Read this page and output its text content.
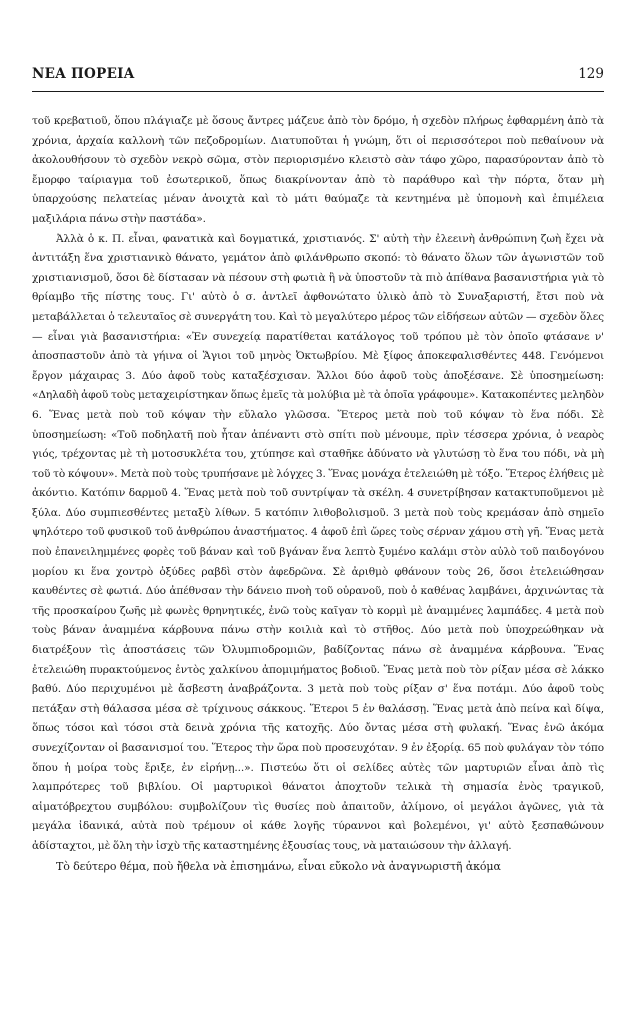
ΝΕΑ ΠΟΡΕΙΑ	129

τοῦ κρεβατιοῦ, ὅπου πλάγιαζε μὲ ὅσους ἄντρες μάζευε ἀπὸ τὸν δρόμο, ἡ σχεδὸν πλήρως ἐφθαρμένη ἀπὸ τὰ χρόνια, ἀρχαία καλλονὴ τῶν πεζοδρομίων. Διατυποῦται ἡ γνώμη, ὅτι οἱ περισσότεροι ποὺ πεθαίνουν νὰ ἀκολουθήσουν τὸ σχεδὸν νεκρὸ σῶμα, στὸν περιορισμένο κλειστὸ σὰν τάφο χῶρο, παρασύρονταν ἀπὸ τὸ ἔμορφο ταίριαγμα τοῦ ἐσωτερικοῦ, ὅπως διακρίνονταν ἀπὸ τὸ παράθυρο καὶ τὴν πόρτα, ὅταν μὴ ὑπαρχούσης πελατείας μέναν ἀνοιχτὰ καὶ τὸ μάτι θαύμαζε τὰ κεντημένα μὲ ὑπομονὴ καὶ ἐπιμέλεια μαξιλάρια πάνω στὴν παστάδα».

Ἀλλὰ ὁ κ. Π. εἶναι, φανατικὰ καὶ δογματικά, χριστιανός. Σ' αὐτὴ τὴν ἐλεεινὴ ἀνθρώπινη ζωὴ ἔχει νὰ ἀντιτάξη ἕνα χριστιανικὸ θάνατο, γεμάτον ἀπὸ φιλάνθρωπο σκοπό: τὸ θάνατο ὅλων τῶν ἀγωνιστῶν τοῦ χριστιανισμοῦ, ὅσοι δὲ δίστασαν νὰ πέσουν στὴ φωτιὰ ἢ νὰ ὑποστοῦν τὰ πιὸ ἀπίθανα βασανιστήρια γιὰ τὸ θρίαμβο τῆς πίστης τους. Γι' αὐτὸ ὁ σ. ἀντλεῖ ἀφθονώτατο ὑλικὸ ἀπὸ τὸ Συναξαριστή, ἔτσι ποὺ νὰ μεταβάλλεται ὁ τελευταῖος σὲ συνεργάτη του. Καὶ τὸ μεγαλύτερο μέρος τῶν εἰδήσεων αὐτῶν — σχεδὸν ὅλες — εἶναι γιὰ βασανιστήρια: «Ἐν συνεχείᾳ παρατίθεται κατάλογος τοῦ τρόπου μὲ τὸν ὁποῖο φτάσανε ν' ἀποσπαστοῦν ἀπὸ τὰ γήινα οἱ Ἅγιοι τοῦ μηνὸς Ὀκτωβρίου. Μὲ ξίφος ἀποκεφαλισθέντες 448. Γενόμενοι ἔργον μάχαιρας 3. Δύο ἀφοῦ τοὺς καταξέσχισαν. Ἄλλοι δύο ἀφοῦ τοὺς ἀποξέσανε. Σὲ ὑποσημείωση: «Δηλαδὴ ἀφοῦ τοὺς μεταχειρίστηκαν ὅπως ἐμεῖς τὰ μολύβια μὲ τὰ ὁποῖα γράφουμε». Κατακοπέντες μεληδὸν 6. Ἕνας μετὰ ποὺ τοῦ κόψαν τὴν εὔλαλο γλῶσσα. Ἕτερος μετὰ ποὺ τοῦ κόψαν τὸ ἕνα πόδι. Σὲ ὑποσημείωση: «Τοῦ ποδηλατῆ ποὺ ἦταν ἀπέναντι στὸ σπίτι ποὺ μένουμε, πρὶν τέσσερα χρόνια, ὁ νεαρὸς γιός, τρέχοντας μὲ τὴ μοτοσυκλέτα του, χτύπησε καὶ σταθῆκε ἀδύνατο νὰ γλυτώσῃ τὸ ἕνα του πόδι, νὰ μὴ τοῦ τὸ κόψουν». Μετὰ ποὺ τοὺς τρυπήσανε μὲ λόγχες 3. Ἕνας μονάχα ἐτελειώθη μὲ τόξο. Ἕτερος ἐλήθεις μὲ ἀκόντιο. Κατόπιν δαρμοῦ 4. Ἕνας μετὰ ποὺ τοῦ συντρίψαν τὰ σκέλη. 4 συνετρίβησαν κατακτυποῦμενοι μὲ ξύλα. Δύο συμπιεσθέντες μεταξὺ λίθων. 5 κατόπιν λιθοβολισμοῦ. 3 μετὰ ποὺ τοὺς κρεμάσαν ἀπὸ σημεῖο ψηλότερο τοῦ φυσικοῦ τοῦ ἀνθρώπου ἀναστήματος. 4 ἀφοῦ ἐπὶ ὥρες τοὺς σέρναν χάμου στὴ γῆ. Ἕνας μετὰ ποὺ ἐπανειλημμένες φορὲς τοῦ βάναν καὶ τοῦ βγάναν ἕνα λεπτὸ ξυμένο καλάμι στὸν αὐλὸ τοῦ παιδογόνου μορίου κι ἕνα χοντρὸ ὀξύδες ραβδὶ στὸν ἀφεδρῶνα. Σὲ ἀριθμὸ φθάνουν τοὺς 26, ὅσοι ἐτελειώθησαν καυθέντες σὲ φωτιά. Δύο ἀπέθνσαν τὴν δάνειο πνοὴ τοῦ οὐρανοῦ, ποὺ ὁ καθένας λαμβάνει, ἀρχινώντας τὰ τῆς προσκαίρου ζωῆς μὲ φωνὲς θρηνητικές, ἐνῶ τοὺς καῖγαν τὸ κορμὶ μὲ ἀναμμένες λαμπάδες. 4 μετὰ ποὺ τοὺς βάναν ἀναμμένα κάρβουνα πάνω στὴν κοιλιὰ καὶ τὸ στῆθος. Δύο μετὰ ποὺ ὑποχρεώθηκαν νὰ διατρέξουν τὶς ἀποστάσεις τῶν Ὀλυμπιοδρομιῶν, βαδίζοντας πάνω σὲ ἀναμμένα κάρβουνα. Ἕνας ἐτελειώθη πυρακτούμενος ἐντὸς χαλκίνου ἀπομιμήματος βοδιοῦ. Ἕνας μετὰ ποὺ τὸν ρίξαν μέσα σὲ λάκκο βαθύ. Δύο περιχυμένοι μὲ ἄσβεστη ἀναβράζοντα. 3 μετὰ ποὺ τοὺς ρίξαν σ' ἕνα ποτάμι. Δύο ἀφοῦ τοὺς πετάξαν στὴ θάλασσα μέσα σὲ τρίχινους σάκκους. Ἕτεροι 5 ἐν θαλάσσῃ. Ἕνας μετὰ ἀπὸ πείνα καὶ δίψα, ὅπως τόσοι καὶ τόσοι στὰ δεινὰ χρόνια τῆς κατοχῆς. Δύο ὄντας μέσα στὴ φυλακή. Ἕνας ἐνῶ ἀκόμα συνεχίζονταν οἱ βασανισμοί του. Ἕτερος τὴν ὥρα ποὺ προσευχόταν. 9 ἐν ἐξορίᾳ. 65 ποὺ φυλάγαν τὸν τόπο ὅπου ἡ μοίρα τοὺς ἔριξε, ἐν εἰρήνῃ...». Πιστεύω ὅτι οἱ σελίδες αὐτὲς τῶν μαρτυριῶν εἶναι ἀπὸ τὶς λαμπρότερες τοῦ βιβλίου. Οἱ μαρτυρικοὶ θάνατοι ἀποχτοῦν τελικὰ τὴ σημασία ἑνὸς τραγικοῦ, αἱματόβρεχτου συμβόλου: συμβολίζουν τὶς θυσίες ποὺ ἀπαιτοῦν, ἀλίμονο, οἱ μεγάλοι ἀγῶνες, γιὰ τὰ μεγάλα ἰδανικά, αὐτὰ ποὺ τρέμουν οἱ κάθε λογῆς τύραννοι καὶ βολεμένοι, γι' αὐτὸ ξεσπαθώνουν ἀδίσταχτοι, μὲ ὅλη τὴν ἰσχὺ τῆς καταστημένης ἐξουσίας τους, νὰ ματαιώσουν τὴν ἀλλαγή.

Τὸ δεύτερο θέμα, ποὺ ἤθελα νὰ ἐπισημάνω, εἶναι εὔκολο νὰ ἀναγνωριστῆ ἀκόμα
